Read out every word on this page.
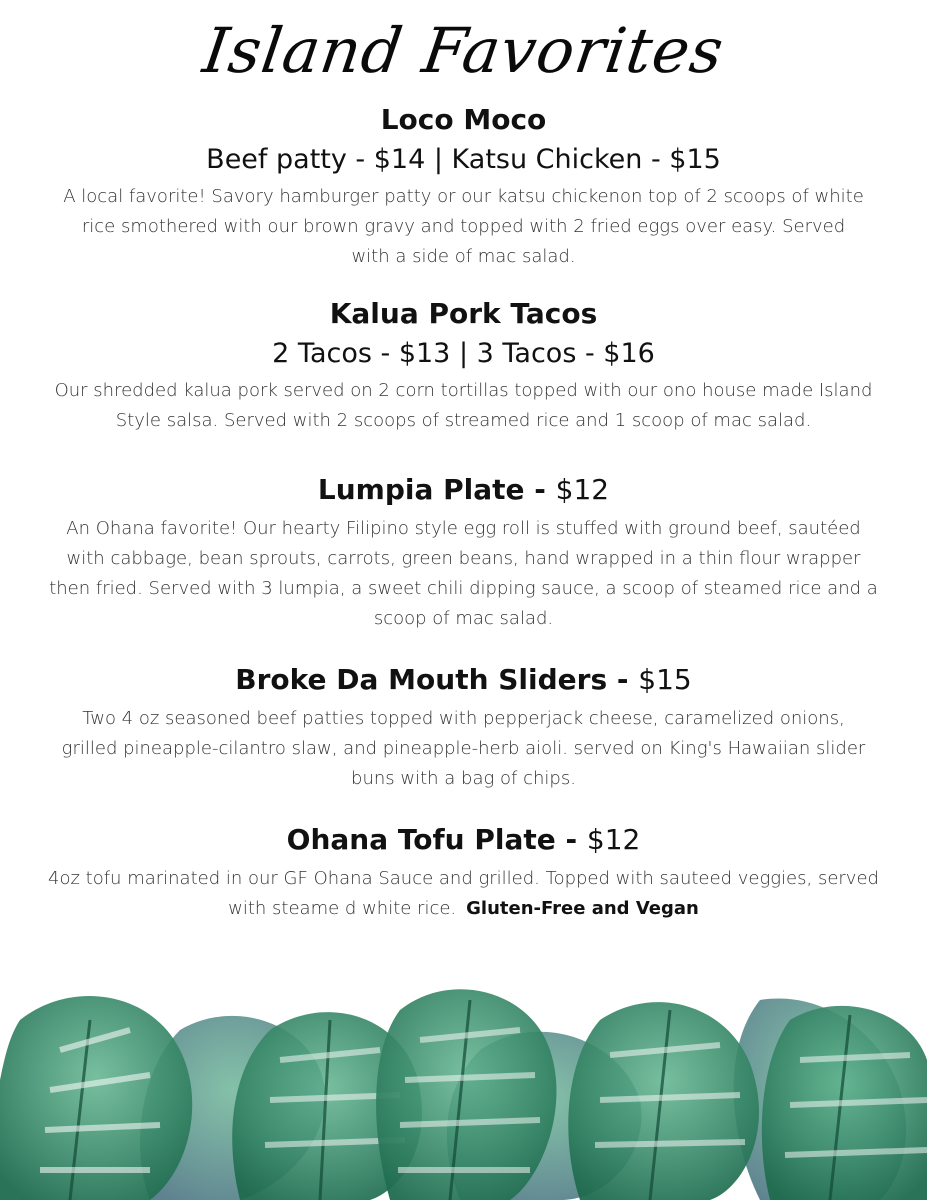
Island Favorites
Loco Moco
Beef patty - $14 | Katsu Chicken - $15
A local favorite! Savory hamburger patty or our katsu chickenon top of 2 scoops of white rice smothered with our brown gravy and topped with 2 fried eggs over easy. Served with a side of mac salad.
Kalua Pork Tacos
2 Tacos - $13 | 3 Tacos - $16
Our shredded kalua pork served on 2 corn tortillas topped with our ono house made Island Style salsa. Served with 2 scoops of streamed rice and 1 scoop of mac salad.
Lumpia Plate - $12
An Ohana favorite! Our hearty Filipino style egg roll is stuffed with ground beef, sautéed with cabbage, bean sprouts, carrots, green beans, hand wrapped in a thin flour wrapper then fried. Served with 3 lumpia, a sweet chili dipping sauce, a scoop of steamed rice and a scoop of mac salad.
Broke Da Mouth Sliders - $15
Two 4 oz seasoned beef patties topped with pepperjack cheese, caramelized onions, grilled pineapple-cilantro slaw, and pineapple-herb aioli. served on King's Hawaiian slider buns with a bag of chips.
Ohana Tofu Plate - $12
4oz tofu marinated in our GF Ohana Sauce and grilled. Topped with sauteed veggies, served with steame d white rice. Gluten-Free and Vegan
